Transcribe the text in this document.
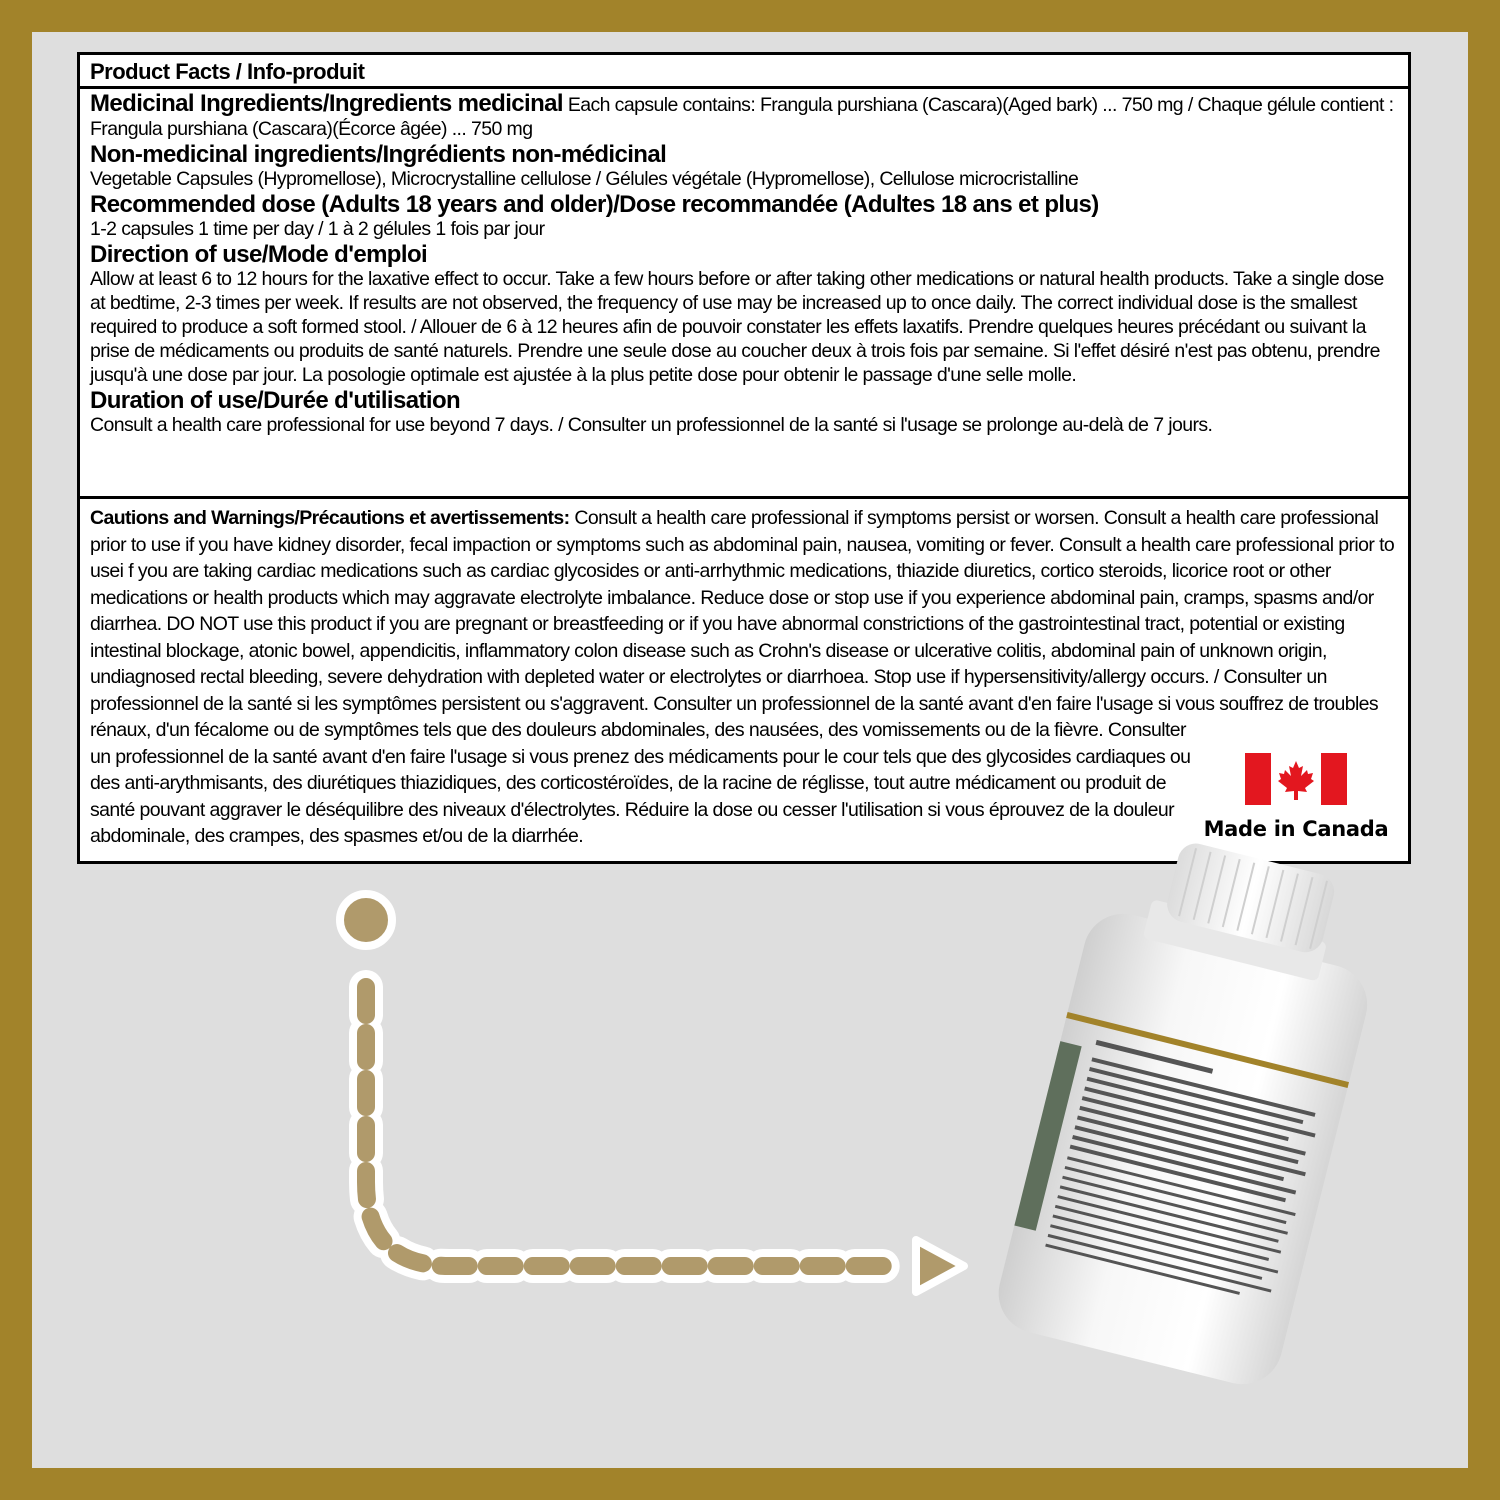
Product Facts / Info-produit

Medicinal Ingredients/Ingredients medicinal Each capsule contains: Frangula purshiana (Cascara)(Aged bark) ... 750 mg / Chaque gélule contient : Frangula purshiana (Cascara)(Écorce âgée) ... 750 mg

Non-medicinal ingredients/Ingrédients non-médicinal

Vegetable Capsules (Hypromellose), Microcrystalline cellulose / Gélules végétale (Hypromellose), Cellulose microcristalline

Recommended dose (Adults 18 years and older)/Dose recommandée (Adultes 18 ans et plus)

1-2 capsules 1 time per day / 1 à 2 gélules 1 fois par jour

Direction of use/Mode d'emploi

Allow at least 6 to 12 hours for the laxative effect to occur. Take a few hours before or after taking other medications or natural health products. Take a single dose at bedtime, 2-3 times per week. If results are not observed, the frequency of use may be increased up to once daily. The correct individual dose is the smallest required to produce a soft formed stool. / Allouer de 6 à 12 heures afin de pouvoir constater les effets laxatifs. Prendre quelques heures précédant ou suivant la prise de médicaments ou produits de santé naturels. Prendre une seule dose au coucher deux à trois fois par semaine. Si l'effet désiré n'est pas obtenu, prendre jusqu'à une dose par jour. La posologie optimale est ajustée à la plus petite dose pour obtenir le passage d'une selle molle.

Duration of use/Durée d'utilisation

Consult a health care professional for use beyond 7 days. / Consulter un professionnel de la santé si l'usage se prolonge au-delà de 7 jours.

Cautions and Warnings/Précautions et avertissements: Consult a health care professional if symptoms persist or worsen. Consult a health care professional prior to use if you have kidney disorder, fecal impaction or symptoms such as abdominal pain, nausea, vomiting or fever. Consult a health care professional prior to usei f you are taking cardiac medications such as cardiac glycosides or anti-arrhythmic medications, thiazide diuretics, cortico steroids, licorice root or other medications or health products which may aggravate electrolyte imbalance. Reduce dose or stop use if you experience abdominal pain, cramps, spasms and/or diarrhea. DO NOT use this product if you are pregnant or breastfeeding or if you have abnormal constrictions of the gastrointestinal tract, potential or existing intestinal blockage, atonic bowel, appendicitis, inflammatory colon disease such as Crohn's disease or ulcerative colitis, abdominal pain of unknown origin, undiagnosed rectal bleeding, severe dehydration with depleted water or electrolytes or diarrhoea. Stop use if hypersensitivity/allergy occurs. / Consulter un professionnel de la santé si les symptômes persistent ou s'aggravent. Consulter un professionnel de la santé avant d'en faire l'usage si vous souffrez de troubles
rénaux, d'un fécalome ou de symptômes tels que des douleurs abdominales, des nausées, des vomissements ou de la fièvre. Consulter un professionnel de la santé avant d'en faire l'usage si vous prenez des médicaments pour le cour tels que des glycosides cardiaques ou des anti-arythmisants, des diurétiques thiazidiques, des corticostéroïdes, de la racine de réglisse, tout autre médicament ou produit de santé pouvant aggraver le déséquilibre des niveaux d'électrolytes. Réduire la dose ou cesser l'utilisation si vous éprouvez de la douleur abdominale, des crampes, des spasmes et/ou de la diarrhée.	Made in Canada
